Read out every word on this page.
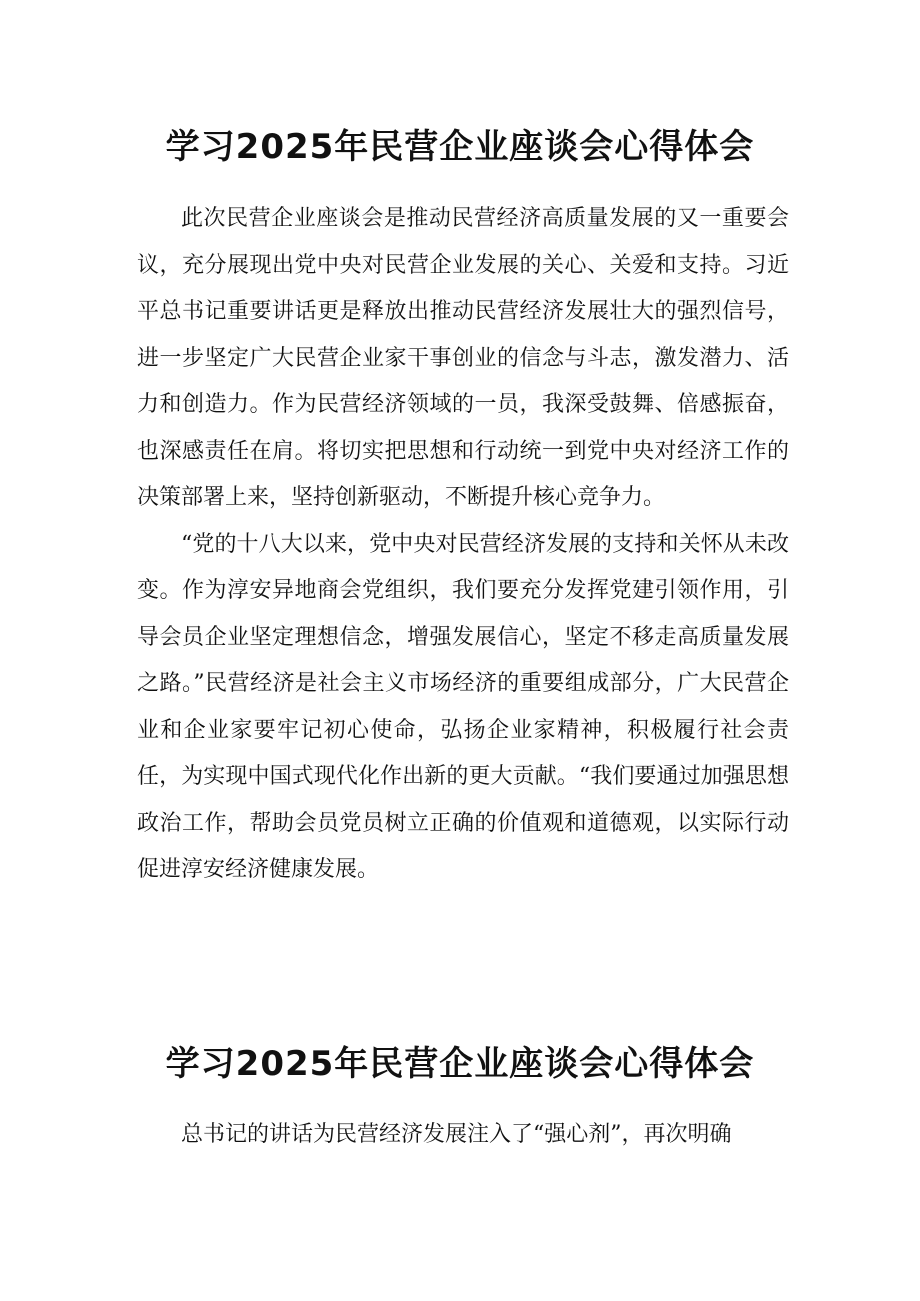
学习2025年民营企业座谈会心得体会

此次民营企业座谈会是推动民营经济高质量发展的又一重要会议，充分展现出党中央对民营企业发展的关心、关爱和支持。习近平总书记重要讲话更是释放出推动民营经济发展壮大的强烈信号，进一步坚定广大民营企业家干事创业的信念与斗志，激发潜力、活力和创造力。作为民营经济领域的一员，我深受鼓舞、倍感振奋，也深感责任在肩。将切实把思想和行动统一到党中央对经济工作的决策部署上来，坚持创新驱动，不断提升核心竞争力。

“党的十八大以来，党中央对民营经济发展的支持和关怀从未改变。作为淳安异地商会党组织，我们要充分发挥党建引领作用，引导会员企业坚定理想信念，增强发展信心，坚定不移走高质量发展之路。”民营经济是社会主义市场经济的重要组成部分，广大民营企业和企业家要牢记初心使命，弘扬企业家精神，积极履行社会责任，为实现中国式现代化作出新的更大贡献。“我们要通过加强思想政治工作，帮助会员党员树立正确的价值观和道德观，以实际行动促进淳安经济健康发展。

学习2025年民营企业座谈会心得体会

总书记的讲话为民营经济发展注入了“强心剂”，再次明确
